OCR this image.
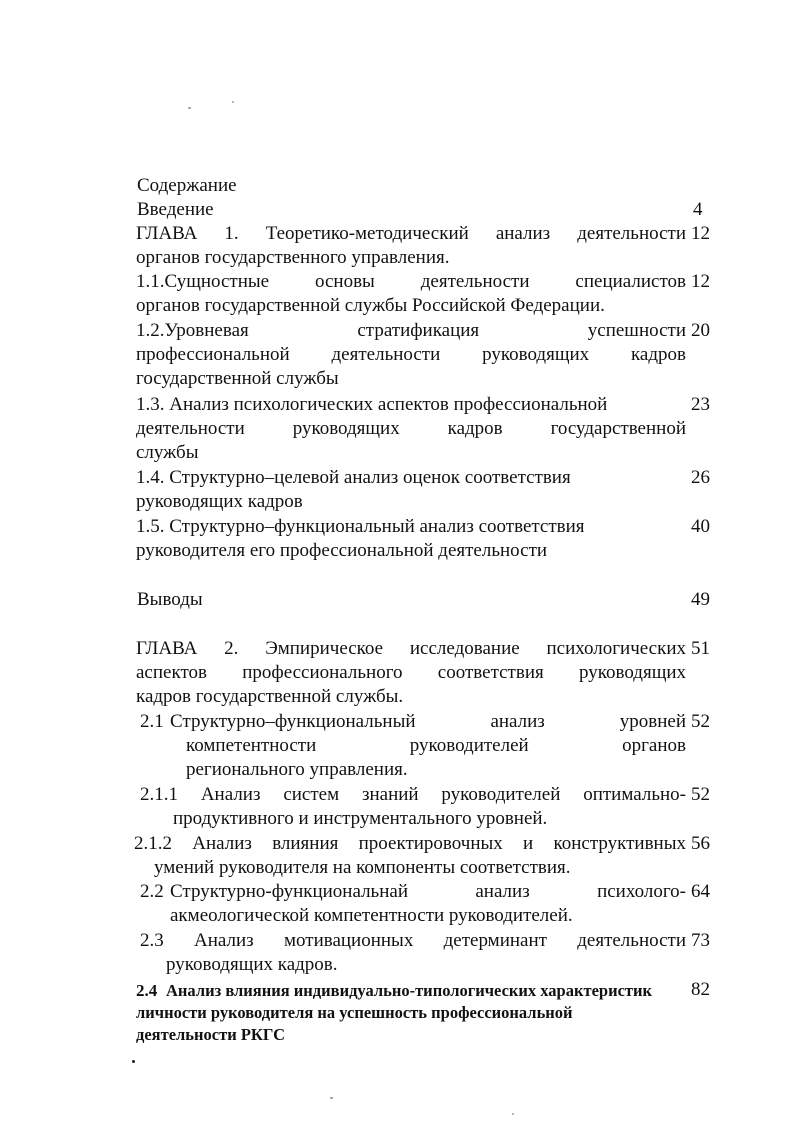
Содержание
Введение	4
ГЛАВА 1. Теоретико-методический анализ деятельности
органов государственного управления.
12
1.1.Сущностные основы деятельности специалистов
органов государственной службы Российской Федерации.
12
1.2.Уровневая стратификация успешности
профессиональной деятельности руководящих кадров
государственной службы
20
1.3. Анализ психологических аспектов профессиональной
деятельности руководящих кадров государственной
службы
23
1.4. Структурно–целевой анализ оценок соответствия
руководящих кадров
26
1.5. Структурно–функциональный анализ соответствия
руководителя его профессиональной деятельности
40
Выводы	49
ГЛАВА 2. Эмпирическое исследование психологических
аспектов профессионального соответствия руководящих
кадров государственной службы.
51
2.1 Структурно–функциональный анализ уровней
компетентности руководителей органов
регионального управления.
52
2.1.1 Анализ систем знаний руководителей оптимально-
продуктивного и инструментального уровней.
52
2.1.2 Анализ влияния проектировочных и конструктивных
умений руководителя на компоненты соответствия.
56
2.2 Структурно-функциональнай анализ психолого-
акмеологической компетентности руководителей.
64
2.3 Анализ мотивационных детерминант деятельности
руководящих кадров.
73
2.4 Анализ влияния индивидуально-типологических характеристик
личности руководителя на успешность профессиональной
деятельности РКГС
82
